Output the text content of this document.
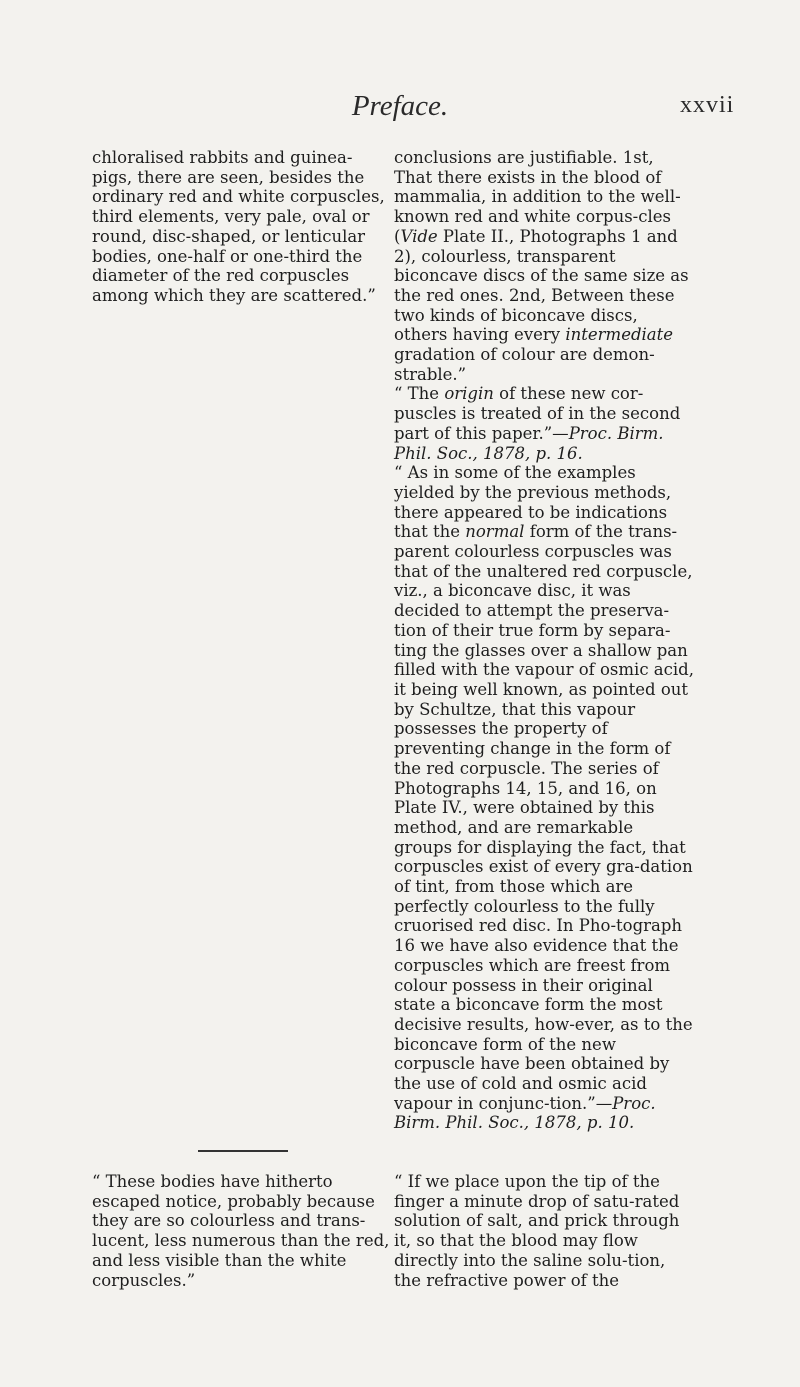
Preface.	xxvii

chloralised rabbits and guinea-pigs, there are seen, besides the ordinary red and white corpuscles, third elements, very pale, oval or round, disc-shaped, or lenticular bodies, one-half or one-third the diameter of the red corpuscles among which they are scattered.”

conclusions are justifiable. 1st, That there exists in the blood of mammalia, in addition to the well-known red and white corpus-cles (Vide Plate II., Photographs 1 and 2), colourless, transparent biconcave discs of the same size as the red ones. 2nd, Between these two kinds of biconcave discs, others having every intermediate gradation of colour are demon-strable.”

“ The origin of these new cor-puscles is treated of in the second part of this paper.”—Proc. Birm. Phil. Soc., 1878, p. 16.

“ As in some of the examples yielded by the previous methods, there appeared to be indications that the normal form of the trans-parent colourless corpuscles was that of the unaltered red corpuscle, viz., a biconcave disc, it was decided to attempt the preserva-tion of their true form by separa-ting the glasses over a shallow pan filled with the vapour of osmic acid, it being well known, as pointed out by Schultze, that this vapour possesses the property of preventing change in the form of the red corpuscle. The series of Photographs 14, 15, and 16, on Plate IV., were obtained by this method, and are remarkable groups for displaying the fact, that corpuscles exist of every gra-dation of tint, from those which are perfectly colourless to the fully cruorised red disc. In Pho-tograph 16 we have also evidence that the corpuscles which are freest from colour possess in their original state a biconcave form the most decisive results, how-ever, as to the biconcave form of the new corpuscle have been obtained by the use of cold and osmic acid vapour in conjunc-tion.”—Proc. Birm. Phil. Soc., 1878, p. 10.

“ These bodies have hitherto escaped notice, probably because they are so colourless and trans-lucent, less numerous than the red, and less visible than the white corpuscles.”

“ If we place upon the tip of the finger a minute drop of satu-rated solution of salt, and prick through it, so that the blood may flow directly into the saline solu-tion, the refractive power of the
